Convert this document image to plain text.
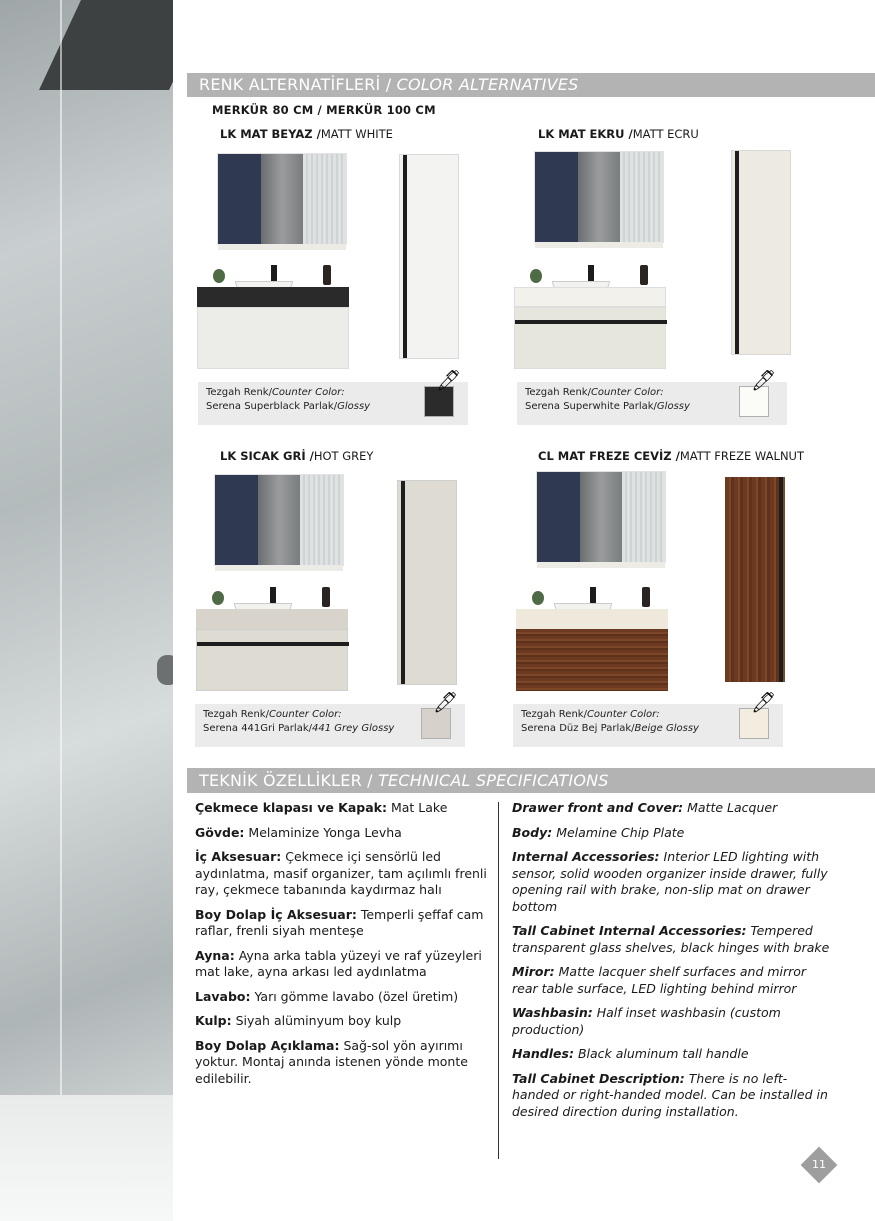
RENK ALTERNATİFLERİ / COLOR ALTERNATIVES
MERKÜR 80 CM / MERKÜR 100 CM
LK MAT BEYAZ /MATT WHITE
Tezgah Renk/Counter Color:
Serena Superblack Parlak/Glossy
🖊
LK MAT EKRU /MATT ECRU
Tezgah Renk/Counter Color:
Serena Superwhite Parlak/Glossy
🖊
LK SICAK GRİ /HOT GREY
Tezgah Renk/Counter Color:
Serena 441Gri Parlak/441 Grey Glossy
🖊
CL MAT FREZE CEVİZ /MATT FREZE WALNUT
Tezgah Renk/Counter Color:
Serena Düz Bej Parlak/Beige Glossy
🖊
TEKNİK ÖZELLİKLER / TECHNICAL SPECIFICATIONS

Çekmece klapası ve Kapak: Mat Lake

Gövde: Melaminize Yonga Levha

İç Aksesuar: Çekmece içi sensörlü led aydınlatma, masif organizer, tam açılımlı frenli ray, çekmece tabanında kaydırmaz halı

Boy Dolap İç Aksesuar: Temperli şeffaf cam raflar, frenli siyah menteşe

Ayna: Ayna arka tabla yüzeyi ve raf yüzeyleri mat lake, ayna arkası led aydınlatma

Lavabo: Yarı gömme lavabo (özel üretim)

Kulp: Siyah alüminyum boy kulp

Boy Dolap Açıklama: Sağ-sol yön ayırımı yoktur. Montaj anında istenen yönde monte edilebilir.

Drawer front and Cover: Matte Lacquer

Body: Melamine Chip Plate

Internal Accessories: Interior LED lighting with sensor, solid wooden organizer inside drawer, fully opening rail with brake, non-slip mat on drawer bottom

Tall Cabinet Internal Accessories: Tempered transparent glass shelves, black hinges with brake

Miror: Matte lacquer shelf surfaces and mirror rear table surface, LED lighting behind mirror

Washbasin: Half inset washbasin (custom production)

Handles: Black aluminum tall handle

Tall Cabinet Description: There is no left-handed or right-handed model. Can be installed in desired direction during installation.

11
